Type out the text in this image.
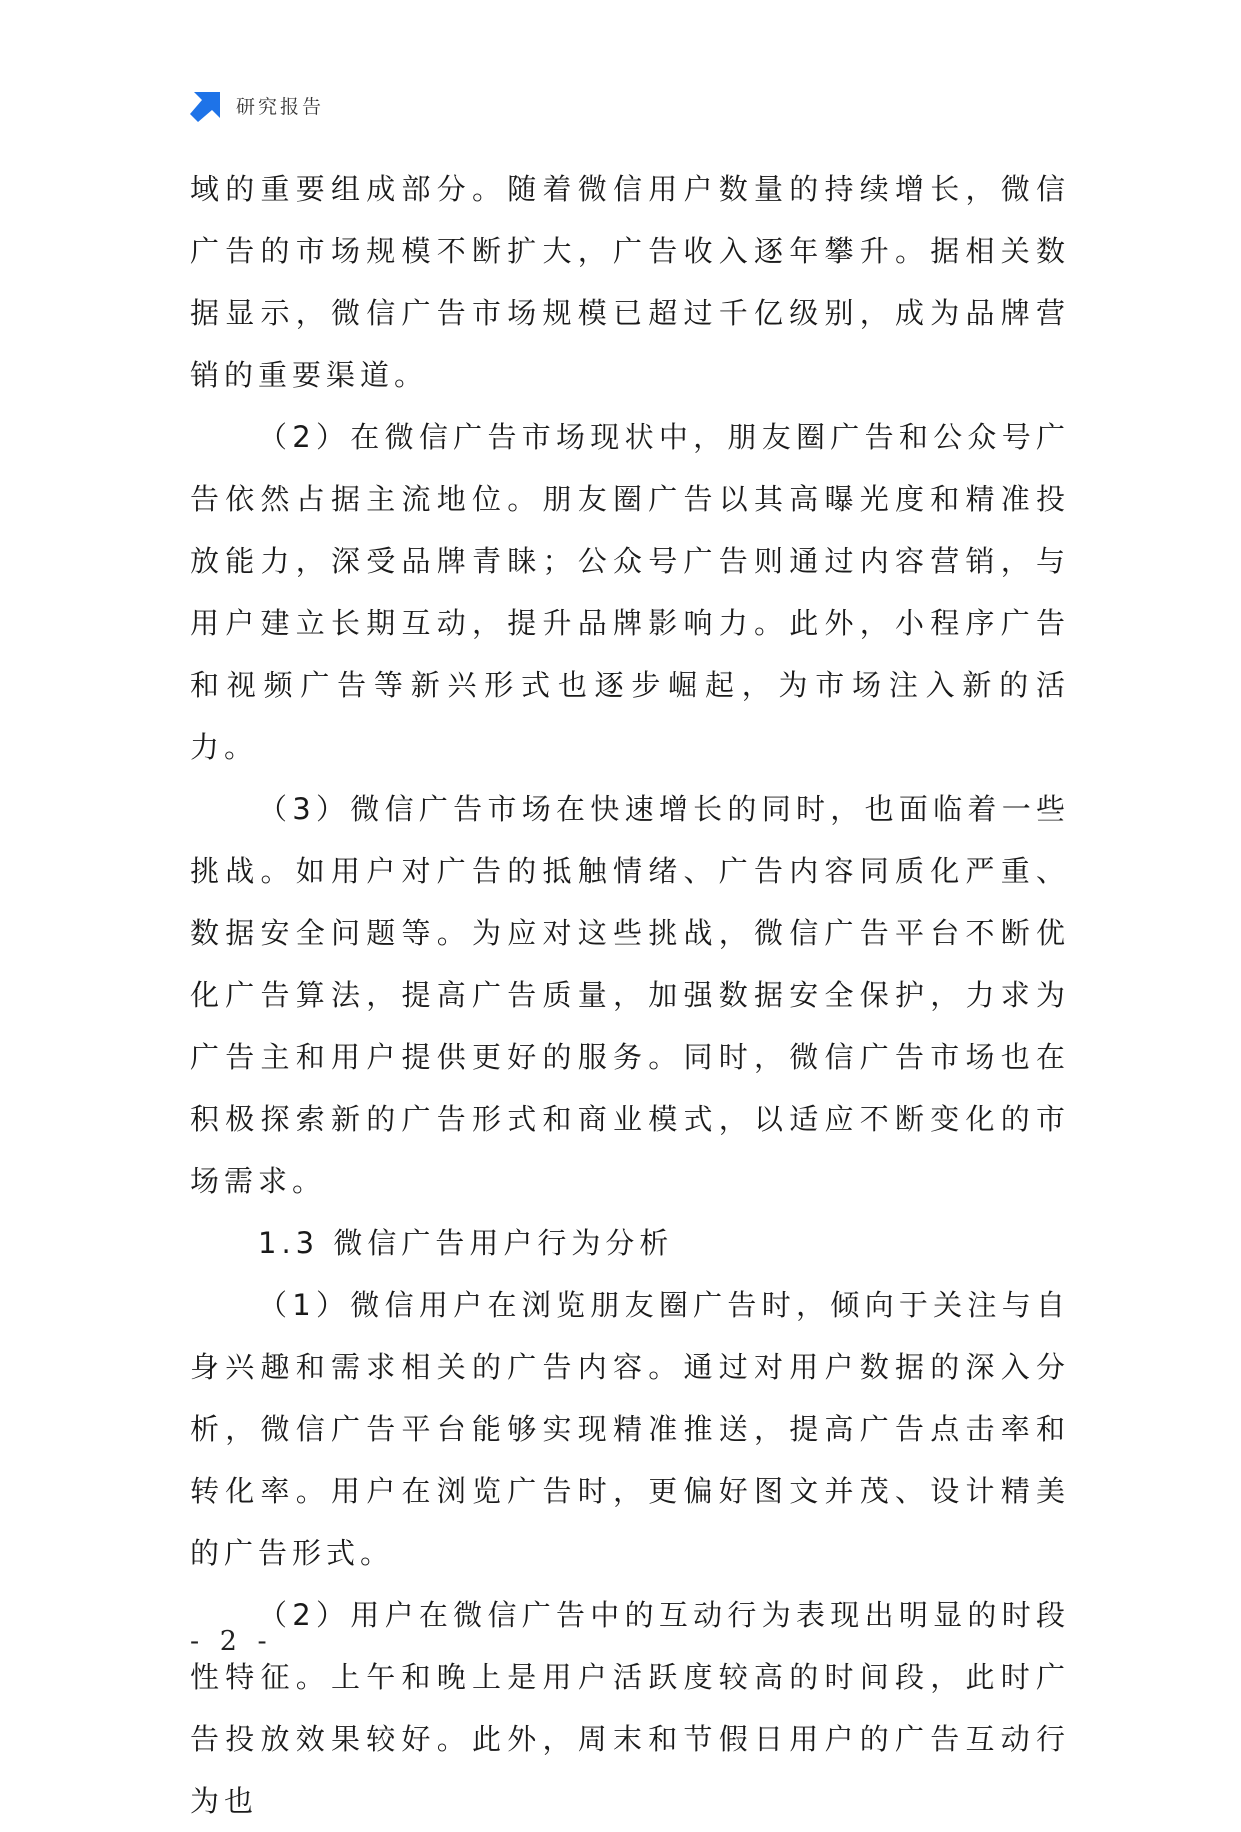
研究报告

域的重要组成部分。随着微信用户数量的持续增长，微信广告的市场规模不断扩大，广告收入逐年攀升。据相关数据显示，微信广告市场规模已超过千亿级别，成为品牌营销的重要渠道。

（2）在微信广告市场现状中，朋友圈广告和公众号广告依然占据主流地位。朋友圈广告以其高曝光度和精准投放能力，深受品牌青睐；公众号广告则通过内容营销，与用户建立长期互动，提升品牌影响力。此外，小程序广告和视频广告等新兴形式也逐步崛起，为市场注入新的活力。

（3）微信广告市场在快速增长的同时，也面临着一些挑战。如用户对广告的抵触情绪、广告内容同质化严重、数据安全问题等。为应对这些挑战，微信广告平台不断优化广告算法，提高广告质量，加强数据安全保护，力求为广告主和用户提供更好的服务。同时，微信广告市场也在积极探索新的广告形式和商业模式，以适应不断变化的市场需求。

1.3 微信广告用户行为分析

（1）微信用户在浏览朋友圈广告时，倾向于关注与自身兴趣和需求相关的广告内容。通过对用户数据的深入分析，微信广告平台能够实现精准推送，提高广告点击率和转化率。用户在浏览广告时，更偏好图文并茂、设计精美的广告形式。

（2）用户在微信广告中的互动行为表现出明显的时段性特征。上午和晚上是用户活跃度较高的时间段，此时广告投放效果较好。此外，周末和节假日用户的广告互动行为也

- 2 -
